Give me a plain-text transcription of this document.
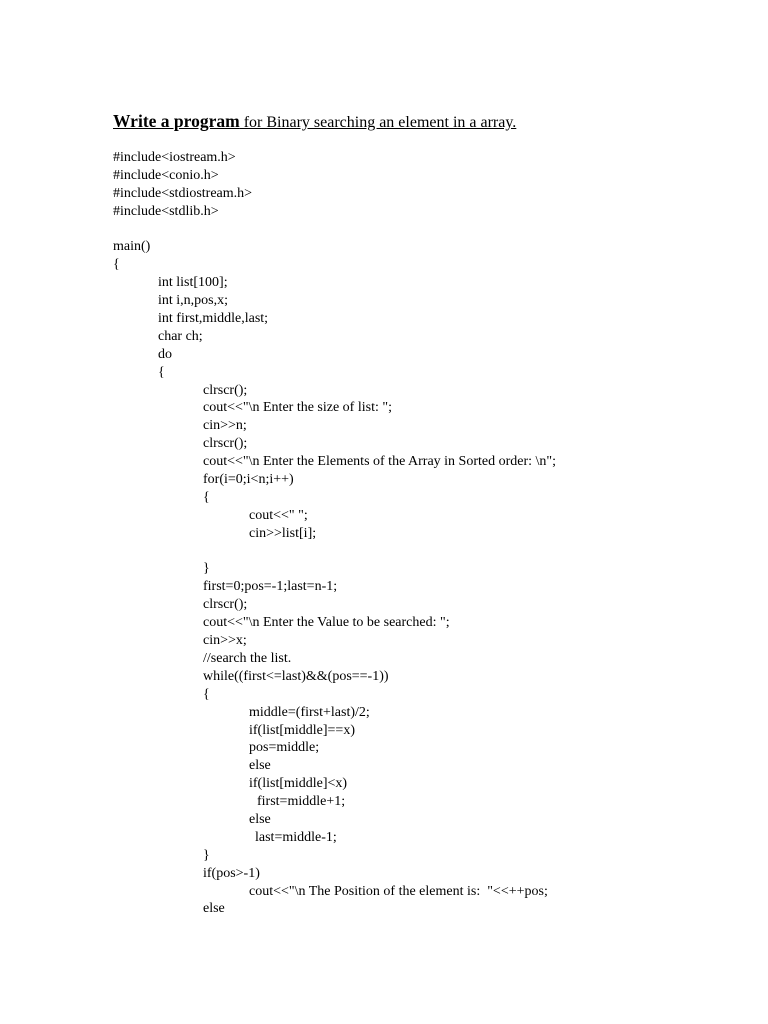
Write a program for Binary searching an element in a array.
#include<iostream.h>
#include<conio.h>
#include<stdiostream.h>
#include<stdlib.h>
main()
{
int list[100];
int i,n,pos,x;
int first,middle,last;
char ch;
do
{
clrscr();
cout<<"\n Enter the size of list: ";
cin>>n;
clrscr();
cout<<"\n Enter the Elements of the Array in Sorted order: \n";
for(i=0;i<n;i++)
{
cout<<" ";
cin>>list[i];
}
first=0;pos=-1;last=n-1;
clrscr();
cout<<"\n Enter the Value to be searched: ";
cin>>x;
//search the list.
while((first<=last)&&(pos==-1))
{
middle=(first+last)/2;
if(list[middle]==x)
pos=middle;
else
if(list[middle]<x)
first=middle+1;
else
last=middle-1;
}
if(pos>-1)
cout<<"\n The Position of the element is:  "<<++pos;
else
